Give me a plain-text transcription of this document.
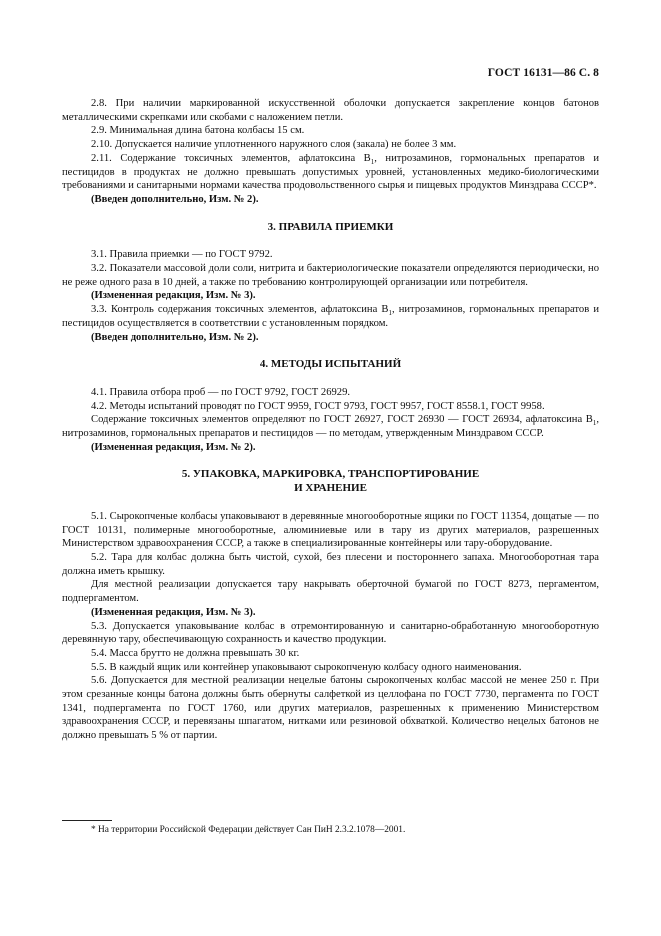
ГОСТ 16131—86 С. 8

2.8. При наличии маркированной искусственной оболочки допускается закрепление концов батонов металлическими скрепками или скобами с наложением петли.

2.9. Минимальная длина батона колбасы 15 см.

2.10. Допускается наличие уплотненного наружного слоя (закала) не более 3 мм.

2.11. Содержание токсичных элементов, афлатоксина $B_1$, нитрозаминов, гормональных препаратов и пестицидов в продуктах не должно превышать допустимых уровней, установленных медико-биологическими требованиями и санитарными нормами качества продовольственного сырья и пищевых продуктов Минздрава СССР*.

(Введен дополнительно, Изм. № 2).

3. ПРАВИЛА ПРИЕМКИ

3.1. Правила приемки — по ГОСТ 9792.

3.2. Показатели массовой доли соли, нитрита и бактериологические показатели определяются периодически, но не реже одного раза в 10 дней, а также по требованию контролирующей организации или потребителя.

(Измененная редакция, Изм. № 3).

3.3. Контроль содержания токсичных элементов, афлатоксина $B_1$, нитрозаминов, гормональных препаратов и пестицидов осуществляется в соответствии с установленным порядком.

(Введен дополнительно, Изм. № 2).

4. МЕТОДЫ ИСПЫТАНИЙ

4.1. Правила отбора проб — по ГОСТ 9792, ГОСТ 26929.

4.2. Методы испытаний проводят по ГОСТ 9959, ГОСТ 9793, ГОСТ 9957, ГОСТ 8558.1, ГОСТ 9958.

Содержание токсичных элементов определяют по ГОСТ 26927, ГОСТ 26930 — ГОСТ 26934, афлатоксина $B_1$, нитрозаминов, гормональных препаратов и пестицидов — по методам, утвержденным Минздравом СССР.

(Измененная редакция, Изм. № 2).

5. УПАКОВКА, МАРКИРОВКА, ТРАНСПОРТИРОВАНИЕ

И ХРАНЕНИЕ

5.1. Сырокопченые колбасы упаковывают в деревянные многооборотные ящики по ГОСТ 11354, дощатые — по ГОСТ 10131, полимерные многооборотные, алюминиевые или в тару из других материалов, разрешенных Министерством здравоохранения СССР, а также в специализированные контейнеры или тару-оборудование.

5.2. Тара для колбас должна быть чистой, сухой, без плесени и постороннего запаха. Многооборотная тара должна иметь крышку.

Для местной реализации допускается тару накрывать оберточной бумагой по ГОСТ 8273, пергаментом, подпергаментом.

(Измененная редакция, Изм. № 3).

5.3. Допускается упаковывание колбас в отремонтированную и санитарно-обработанную многооборотную деревянную тару, обеспечивающую сохранность и качество продукции.

5.4. Масса брутто не должна превышать 30 кг.

5.5. В каждый ящик или контейнер упаковывают сырокопченую колбасу одного наименования.

5.6. Допускается для местной реализации нецелые батоны сырокопченых колбас массой не менее 250 г. При этом срезанные концы батона должны быть обернуты салфеткой из целлофана по ГОСТ 7730, пергамента по ГОСТ 1341, подпергамента по ГОСТ 1760, или других материалов, разрешенных к применению Министерством здравоохранения СССР, и перевязаны шпагатом, нитками или резиновой обхваткой. Количество нецелых батонов не должно превышать 5 % от партии.

* На территории Российской Федерации действует Сан ПиН 2.3.2.1078—2001.
